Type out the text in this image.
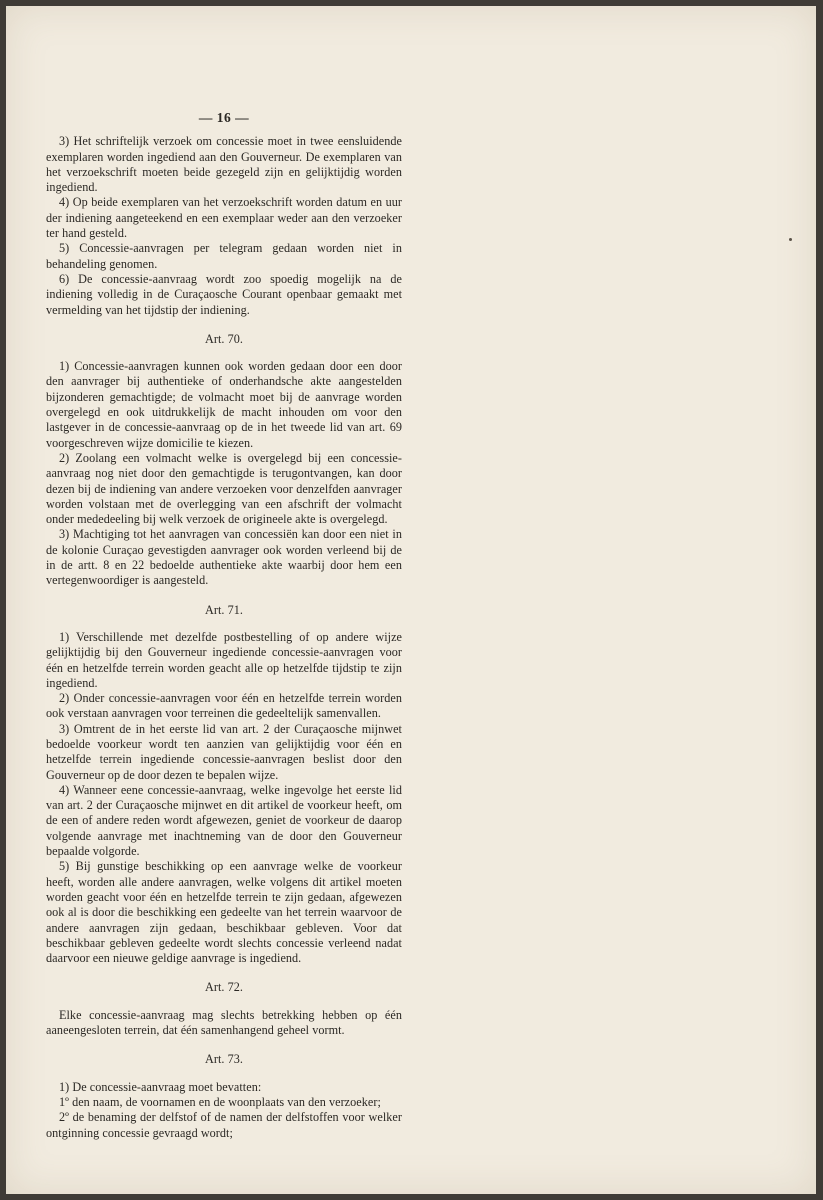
— 16 —

3) Het schriftelijk verzoek om concessie moet in twee eensluidende exemplaren worden ingediend aan den Gouverneur. De exemplaren van het verzoekschrift moeten beide gezegeld zijn en gelijktijdig worden ingediend.

4) Op beide exemplaren van het verzoekschrift worden datum en uur der indiening aangeteekend en een exemplaar weder aan den verzoeker ter hand gesteld.

5) Concessie-aanvragen per telegram gedaan worden niet in behandeling genomen.

6) De concessie-aanvraag wordt zoo spoedig mogelijk na de indiening volledig in de Curaçaosche Courant openbaar gemaakt met vermelding van het tijdstip der indiening.

Art. 70.

1) Concessie-aanvragen kunnen ook worden gedaan door een door den aanvrager bij authentieke of onderhandsche akte aangestelden bijzonderen gemachtigde; de volmacht moet bij de aanvrage worden overgelegd en ook uitdrukkelijk de macht inhouden om voor den lastgever in de concessie-aanvraag op de in het tweede lid van art. 69 voorgeschreven wijze domicilie te kiezen.

2) Zoolang een volmacht welke is overgelegd bij een concessie-aanvraag nog niet door den gemachtigde is terugontvangen, kan door dezen bij de indiening van andere verzoeken voor denzelfden aanvrager worden volstaan met de overlegging van een afschrift der volmacht onder mededeeling bij welk verzoek de origineele akte is overgelegd.

3) Machtiging tot het aanvragen van concessiën kan door een niet in de kolonie Curaçao gevestigden aanvrager ook worden verleend bij de in de artt. 8 en 22 bedoelde authentieke akte waarbij door hem een vertegenwoordiger is aangesteld.

Art. 71.

1) Verschillende met dezelfde postbestelling of op andere wijze gelijktijdig bij den Gouverneur ingediende concessie-aanvragen voor één en hetzelfde terrein worden geacht alle op hetzelfde tijdstip te zijn ingediend.

2) Onder concessie-aanvragen voor één en hetzelfde terrein worden ook verstaan aanvragen voor terreinen die gedeeltelijk samenvallen.

3) Omtrent de in het eerste lid van art. 2 der Curaçaosche mijnwet bedoelde voorkeur wordt ten aanzien van gelijktijdig voor één en hetzelfde terrein ingediende concessie-aanvragen beslist door den Gouverneur op de door dezen te bepalen wijze.

4) Wanneer eene concessie-aanvraag, welke ingevolge het eerste lid van art. 2 der Curaçaosche mijnwet en dit artikel de voorkeur heeft, om de een of andere reden wordt afgewezen, geniet de voorkeur de daarop volgende aanvrage met inachtneming van de door den Gouverneur bepaalde volgorde.

5) Bij gunstige beschikking op een aanvrage welke de voorkeur heeft, worden alle andere aanvragen, welke volgens dit artikel moeten worden geacht voor één en hetzelfde terrein te zijn gedaan, afgewezen ook al is door die beschikking een gedeelte van het terrein waarvoor de andere aanvragen zijn gedaan, beschikbaar gebleven. Voor dat beschikbaar gebleven gedeelte wordt slechts concessie verleend nadat daarvoor een nieuwe geldige aanvrage is ingediend.

Art. 72.

Elke concessie-aanvraag mag slechts betrekking hebben op één aaneengesloten terrein, dat één samenhangend geheel vormt.

Art. 73.

1) De concessie-aanvraag moet bevatten:

1º den naam, de voornamen en de woonplaats van den verzoeker;

2º de benaming der delfstof of de namen der delfstoffen voor welker ontginning concessie gevraagd wordt;
